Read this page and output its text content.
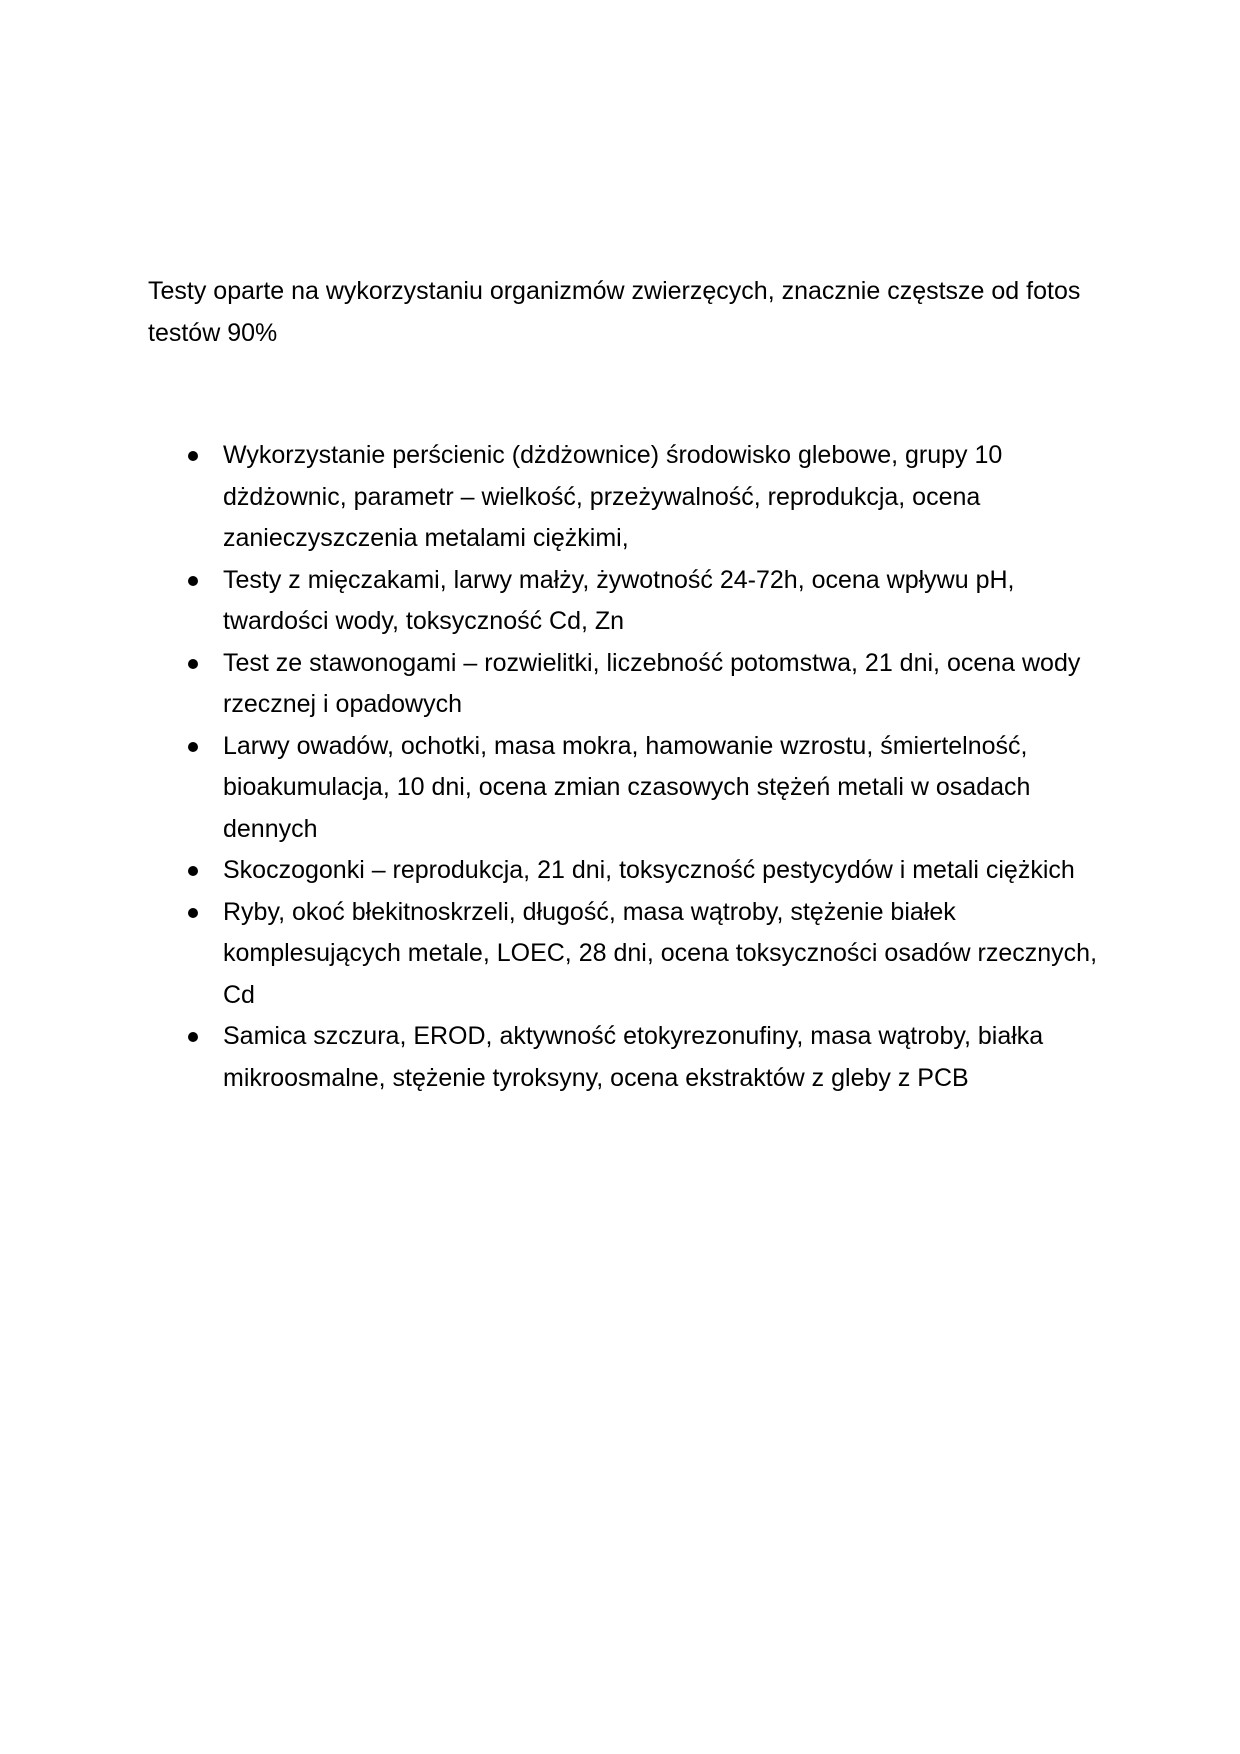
Testy oparte na wykorzystaniu organizmów zwierzęcych, znacznie częstsze od fotos testów 90%

Wykorzystanie perścienic (dżdżownice) środowisko glebowe, grupy 10 dżdżownic, parametr – wielkość, przeżywalność, reprodukcja, ocena zanieczyszczenia metalami ciężkimi,
Testy z mięczakami, larwy małży, żywotność 24-72h, ocena wpływu pH, twardości wody, toksyczność Cd, Zn
Test ze stawonogami – rozwielitki, liczebność potomstwa, 21 dni, ocena wody rzecznej i opadowych
Larwy owadów, ochotki, masa mokra, hamowanie wzrostu, śmiertelność, bioakumulacja, 10 dni, ocena zmian czasowych stężeń metali w osadach dennych
Skoczogonki – reprodukcja, 21 dni, toksyczność pestycydów i metali ciężkich
Ryby, okoć błekitnoskrzeli, długość, masa wątroby, stężenie białek komplesujących metale, LOEC, 28 dni, ocena toksyczności osadów rzecznych, Cd
Samica szczura, EROD, aktywność etokyrezonufiny, masa wątroby, białka mikroosmalne, stężenie tyroksyny, ocena ekstraktów z gleby z PCB
